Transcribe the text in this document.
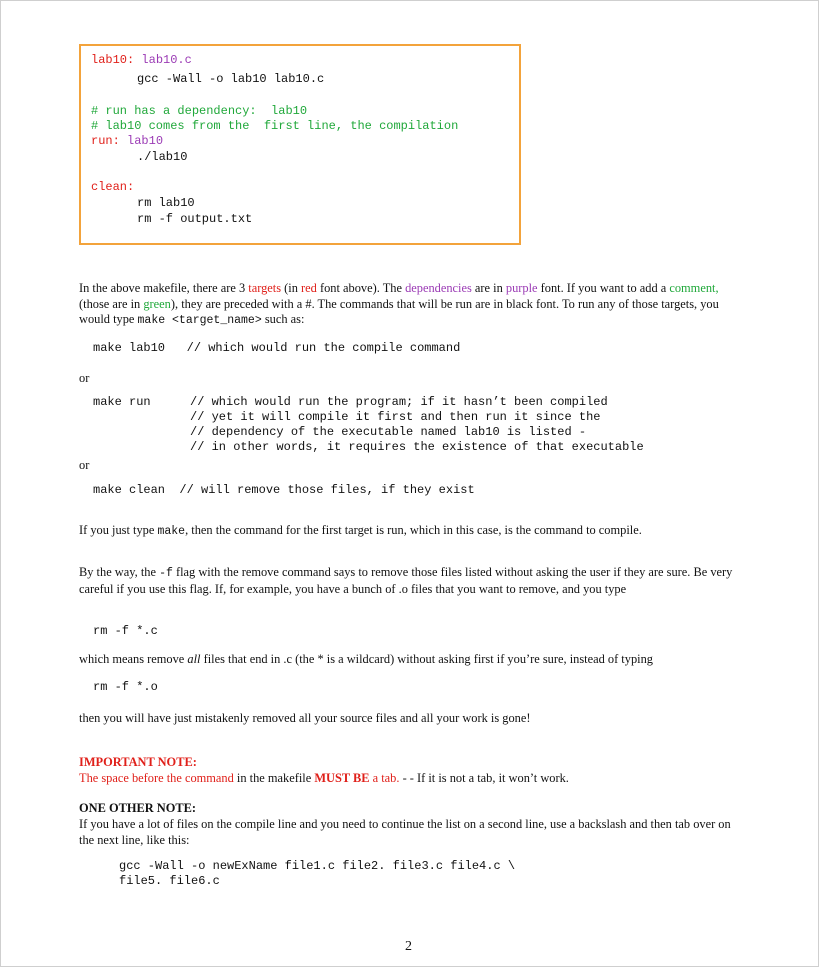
lab10: lab10.c
gcc -Wall -o lab10 lab10.c
# run has a dependency: lab10
# lab10 comes from the first line, the compilation
run: lab10
./lab10
clean:
rm lab10
rm -f output.txt
In the above makefile, there are 3 targets (in red font above). The dependencies are in purple font. If you want to add a comment, (those are in green), they are preceded with a #. The commands that will be run are in black font. To run any of those targets, you would type make <target_name> such as:
make lab10 // which would run the compile command
or
make run	// which would run the program; if it hasn’t been compiled
// yet it will compile it first and then run it since the
// dependency of the executable named lab10 is listed -
// in other words, it requires the existence of that executable
or
make clean // will remove those files, if they exist
If you just type make, then the command for the first target is run, which in this case, is the command to compile.
By the way, the -f flag with the remove command says to remove those files listed without asking the user if they are sure. Be very careful if you use this flag. If, for example, you have a bunch of .o files that you want to remove, and you type
rm -f *.c
which means remove all files that end in .c (the * is a wildcard) without asking first if you’re sure, instead of typing
rm -f *.o
then you will have just mistakenly removed all your source files and all your work is gone!
IMPORTANT NOTE:
The space before the command in the makefile MUST BE a tab. - - If it is not a tab, it won’t work.
ONE OTHER NOTE:
If you have a lot of files on the compile line and you need to continue the list on a second line, use a backslash and then tab over on the next line, like this:
gcc -Wall -o newExName file1.c file2. file3.c file4.c \
file5. file6.c
2
